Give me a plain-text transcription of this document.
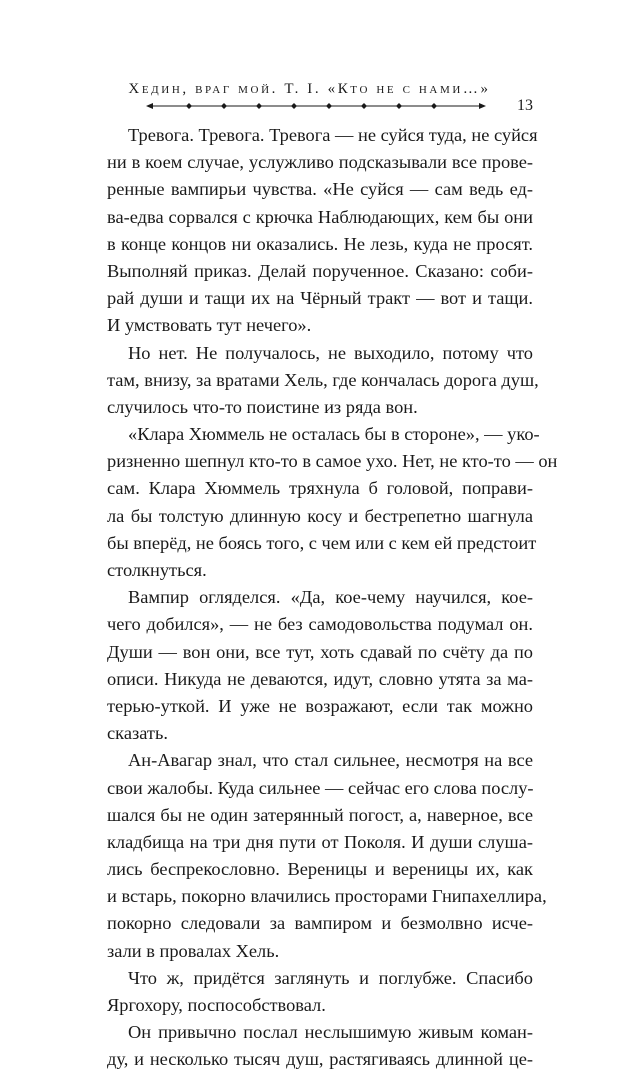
Хедин, враг мой. Т. I. «Кто не с нами…»
13
Тревога. Тревога. Тревога — не суйся туда, не суйся
ни в коем случае, услужливо подсказывали все прове-
ренные вампирьи чувства. «Не суйся — сам ведь ед-
ва-едва сорвался с крючка Наблюдающих, кем бы они
в конце концов ни оказались. Не лезь, куда не просят.
Выполняй приказ. Делай порученное. Сказано: соби-
рай души и тащи их на Чёрный тракт — вот и тащи.
И умствовать тут нечего».
Но нет. Не получалось, не выходило, потому что
там, внизу, за вратами Хель, где кончалась дорога душ,
случилось что-то поистине из ряда вон.
«Клара Хюммель не осталась бы в стороне», — уко-
ризненно шепнул кто-то в самое ухо. Нет, не кто-то — он
сам. Клара Хюммель тряхнула б головой, поправи-
ла бы толстую длинную косу и бестрепетно шагнула
бы вперёд, не боясь того, с чем или с кем ей предстоит
столкнуться.
Вампир огляделся. «Да, кое-чему научился, кое-
чего добился», — не без самодовольства подумал он.
Души — вон они, все тут, хоть сдавай по счёту да по
описи. Никуда не деваются, идут, словно утята за ма-
терью-уткой. И уже не возражают, если так можно
сказать.
Ан-Авагар знал, что стал сильнее, несмотря на все
свои жалобы. Куда сильнее — сейчас его слова послу-
шался бы не один затерянный погост, а, наверное, все
кладбища на три дня пути от Поколя. И души слуша-
лись беспрекословно. Вереницы и вереницы их, как
и встарь, покорно влачились просторами Гнипахеллира,
покорно следовали за вампиром и безмолвно исче-
зали в провалах Хель.
Что ж, придётся заглянуть и поглубже. Спасибо
Яргохору, поспособствовал.
Он привычно послал неслышимую живым коман-
ду, и несколько тысяч душ, растягиваясь длинной це-
